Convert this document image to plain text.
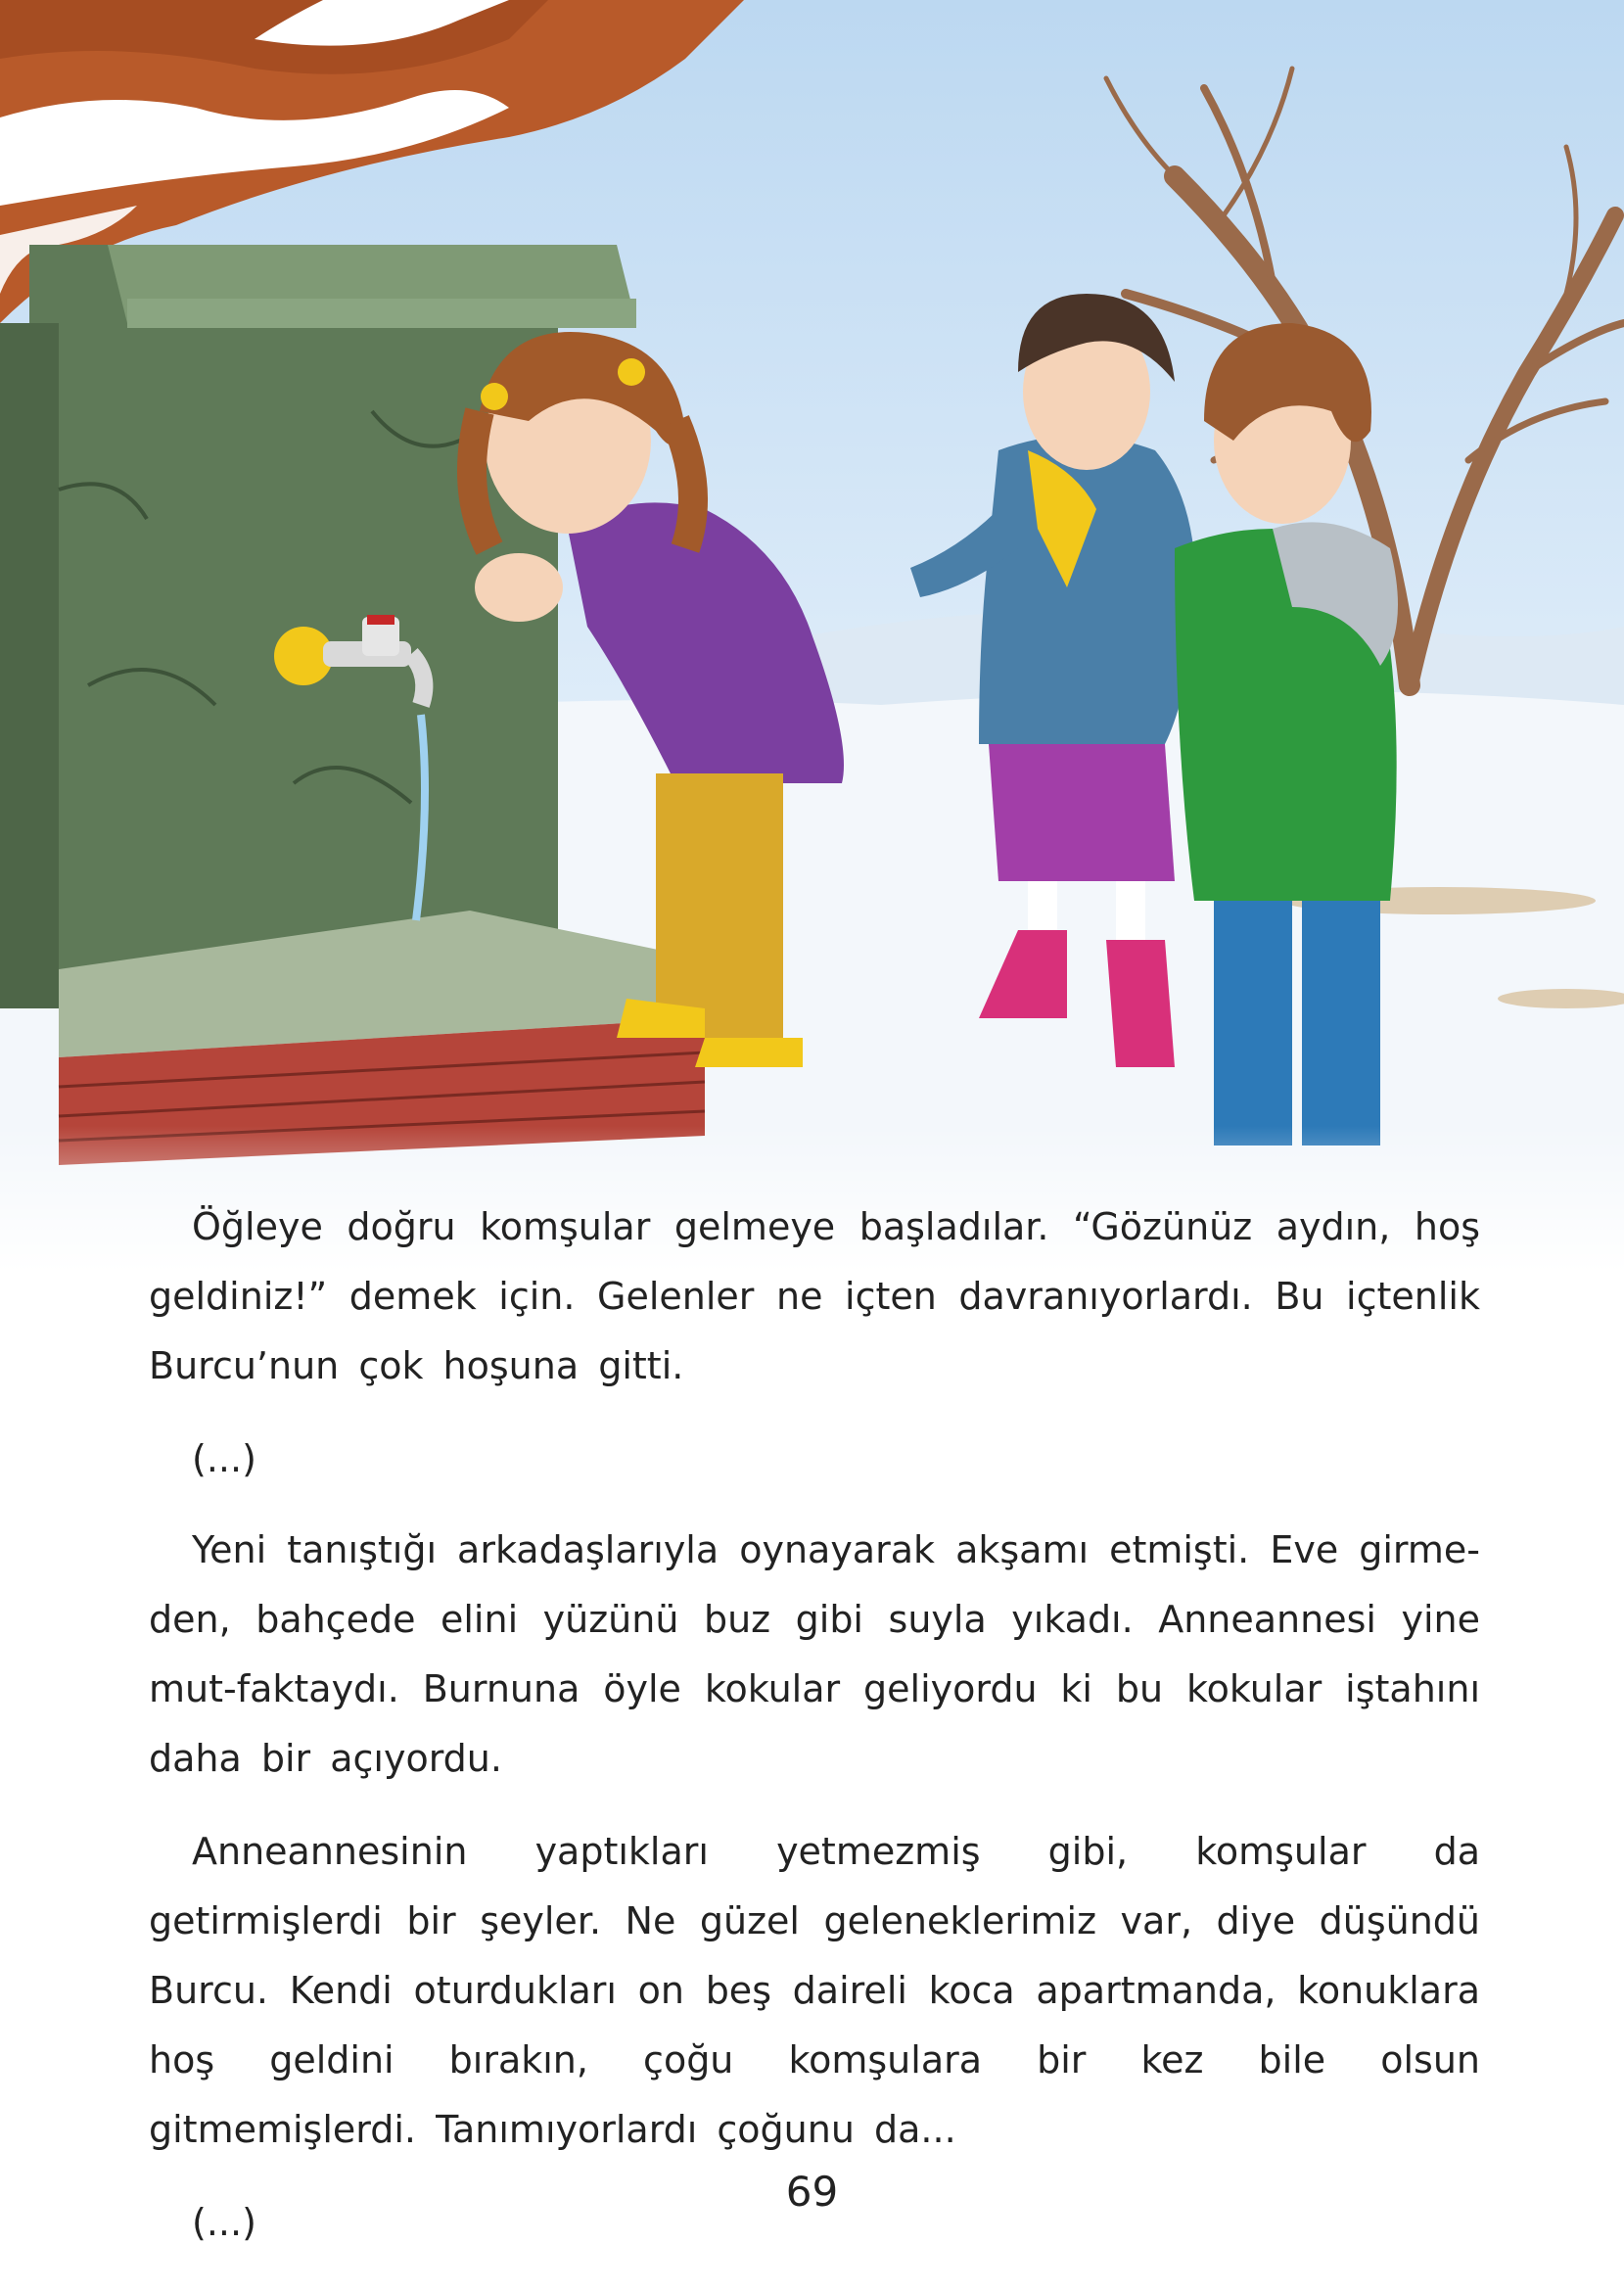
Öğleye doğru komşular gelmeye başladılar. “Gözünüz aydın, hoş geldiniz!” demek için. Gelenler ne içten davranıyorlardı. Bu içtenlik Burcu’nun çok hoşuna gitti.

(...)

Yeni tanıştığı arkadaşlarıyla oynayarak akşamı etmişti. Eve girme-den, bahçede elini yüzünü buz gibi suyla yıkadı. Anneannesi yine mut-faktaydı. Burnuna öyle kokular geliyordu ki bu kokular iştahını daha bir açıyordu.

Anneannesinin yaptıkları yetmezmiş gibi, komşular da getirmişlerdi bir şeyler. Ne güzel geleneklerimiz var, diye düşündü Burcu. Kendi oturdukları on beş daireli koca apartmanda, konuklara hoş geldini bırakın, çoğu komşulara bir kez bile olsun gitmemişlerdi. Tanımıyorlardı çoğunu da...

(...)

69
